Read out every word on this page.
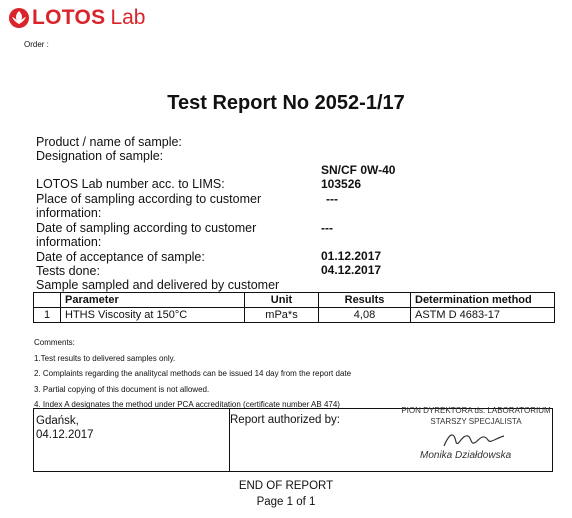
LOTOS Lab
Order :
Test Report No 2052-1/17
Product / name of sample:
Designation of sample:
SN/CF 0W-40
LOTOS Lab number acc. to LIMS:	103526
Place of sampling according to customer
information:
---
Date of sampling according to customer
information:
---
Date of acceptance of sample:	01.12.2017
Tests done:	04.12.2017
Sample sampled and delivered by customer
	Parameter	Unit	Results	Determination method
1	HTHS Viscosity at 150°C	mPa*s	4,08	ASTM D 4683-17
Comments:
1.Test results to delivered samples only.
2. Complaints regarding the analitycal methods can be issued 14 day from the report date
3. Partial copying of this document is not allowed.
4. Index A designates the method under PCA accreditation (certificate number AB 474)
Gdańsk,
04.12.2017
Report authorized by:
PION DYREKTORA ds. LABORATORIUM
STARSZY SPECJALISTA
Monika Działdowska
END OF REPORT
Page 1 of 1
